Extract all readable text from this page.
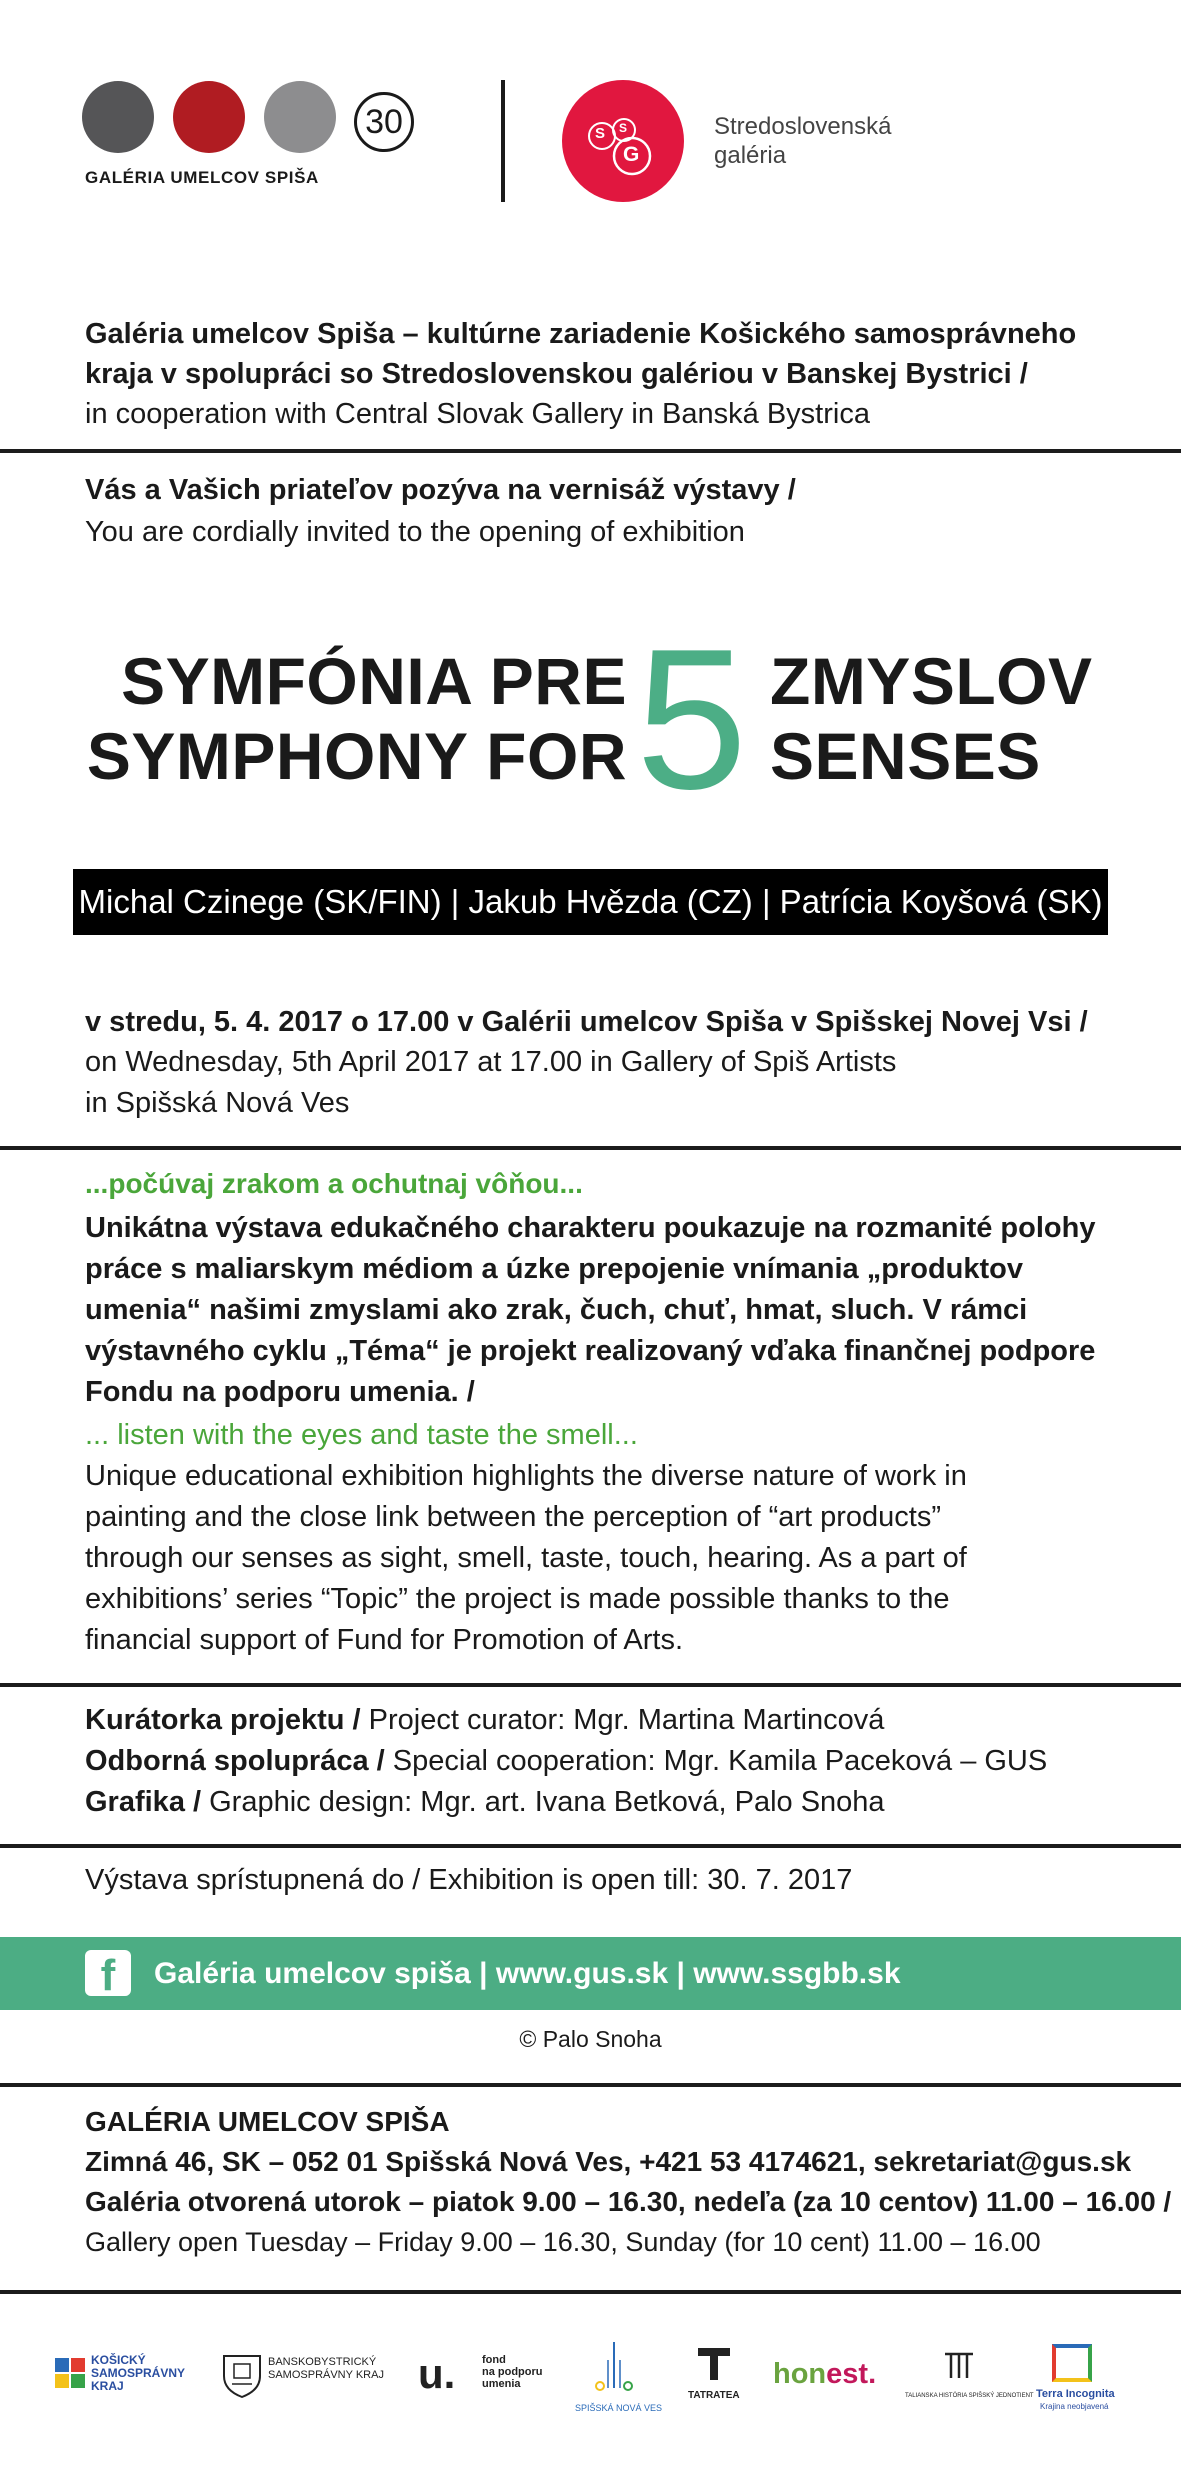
30
GALÉRIA UMELCOV SPIŠA
S S
G
Stredoslovenská
galéria
Galéria umelcov Spiša – kultúrne zariadenie Košického samosprávneho
kraja v spolupráci so Stredoslovenskou galériou v Banskej Bystrici /
in cooperation with Central Slovak Gallery in Banská Bystrica
Vás a Vašich priateľov pozýva na vernisáž výstavy /
You are cordially invited to the opening of exhibition
SYMFÓNIA PRE
SYMPHONY FOR 5 ZMYSLOV
SENSES
Michal Czinege (SK/FIN) | Jakub Hvězda (CZ) | Patrícia Koyšová (SK)
v stredu, 5. 4. 2017 o 17.00 v Galérii umelcov Spiša v Spišskej Novej Vsi /
on Wednesday, 5th April 2017 at 17.00 in Gallery of Spiš Artists
in Spišská Nová Ves
...počúvaj zrakom a ochutnaj vôňou...
Unikátna výstava edukačného charakteru poukazuje na rozmanité polohy
práce s maliarskym médiom a úzke prepojenie vnímania „produktov
umenia“ našimi zmyslami ako zrak, čuch, chuť, hmat, sluch. V rámci
výstavného cyklu „Téma“ je projekt realizovaný vďaka finančnej podpore
Fondu na podporu umenia. /
... listen with the eyes and taste the smell...
Unique educational exhibition highlights the diverse nature of work in
painting and the close link between the perception of “art products”
through our senses as sight, smell, taste, touch, hearing. As a part of
exhibitions’ series “Topic” the project is made possible thanks to the
financial support of Fund for Promotion of Arts.
Kurátorka projektu / Project curator: Mgr. Martina Martincová
Odborná spolupráca / Special cooperation: Mgr. Kamila Paceková – GUS
Grafika / Graphic design: Mgr. art. Ivana Betková, Palo Snoha
Výstava sprístupnená do / Exhibition is open till: 30. 7. 2017
f	Galéria umelcov spiša | www.gus.sk | www.ssgbb.sk
© Palo Snoha
GALÉRIA UMELCOV SPIŠA
Zimná 46, SK – 052 01 Spišská Nová Ves, +421 53 4174621, sekretariat@gus.sk
Galéria otvorená utorok – piatok 9.00 – 16.30, nedeľa (za 10 centov) 11.00 – 16.00 /
Gallery open Tuesday – Friday 9.00 – 16.30, Sunday (for 10 cent) 11.00 – 16.00
KOŠICKÝ
SAMOSPRÁVNY
KRAJ
BANSKOBYSTRICKÝ
SAMOSPRÁVNY KRAJ u. fond
na podporu
umenia
SPIŠSKÁ NOVÁ VES
TATRATEA
honest.
TALIANSKA HISTÓRIA SPIŠSKÝ JEDNOTIENT Terra Incognita
Krajina neobjavená
